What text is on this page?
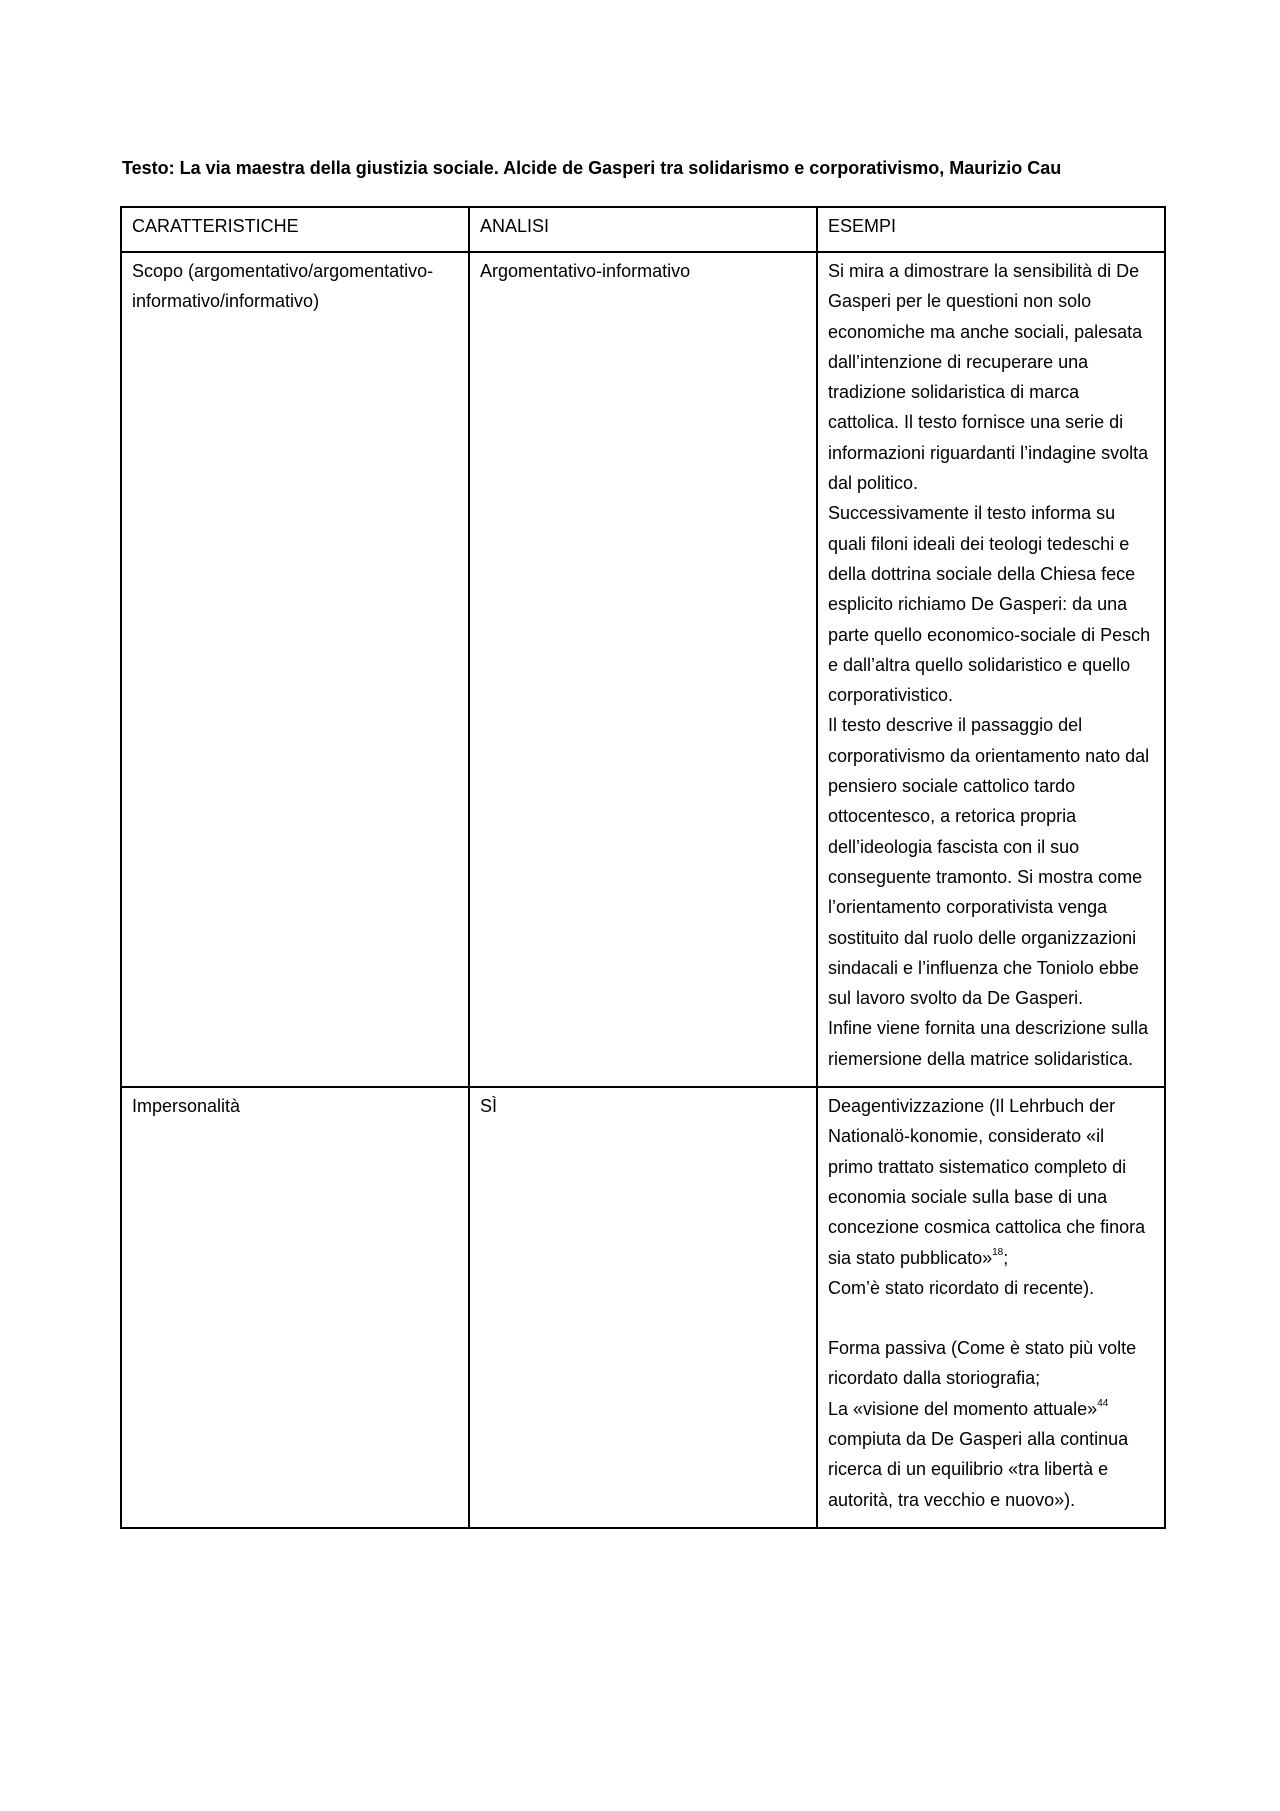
Testo: La via maestra della giustizia sociale. Alcide de Gasperi tra solidarismo e corporativismo, Maurizio Cau
CARATTERISTICHE	ANALISI	ESEMPI

Scopo (argomentativo/argomentativo-informativo/informativo)	Argomentativo-informativo	Si mira a dimostrare la sensibilità di De Gasperi per le questioni non solo economiche ma anche sociali, palesata dall’intenzione di recuperare una tradizione solidaristica di marca cattolica. Il testo fornisce una serie di informazioni riguardanti l’indagine svolta dal politico.
Successivamente il testo informa su quali filoni ideali dei teologi tedeschi e della dottrina sociale della Chiesa fece esplicito richiamo De Gasperi: da una parte quello economico-sociale di Pesch e dall’altra quello solidaristico e quello corporativistico.
Il testo descrive il passaggio del corporativismo da orientamento nato dal pensiero sociale cattolico tardo ottocentesco, a retorica propria dell’ideologia fascista con il suo conseguente tramonto. Si mostra come l’orientamento corporativista venga sostituito dal ruolo delle organizzazioni sindacali e l’influenza che Toniolo ebbe sul lavoro svolto da De Gasperi.
Infine viene fornita una descrizione sulla riemersione della matrice solidaristica.

Impersonalità	SÌ	Deagentivizzazione (Il Lehrbuch der Nationalö-konomie, considerato «il primo trattato sistematico completo di economia sociale sulla base di una concezione cosmica cattolica che finora sia stato pubblicato»$^{18}$;
Com’è stato ricordato di recente).
Forma passiva (Come è stato più volte ricordato dalla storiografia;
La «visione del momento attuale»$^{44}$ compiuta da De Gasperi alla continua ricerca di un equilibrio «tra libertà e autorità, tra vecchio e nuovo»).
